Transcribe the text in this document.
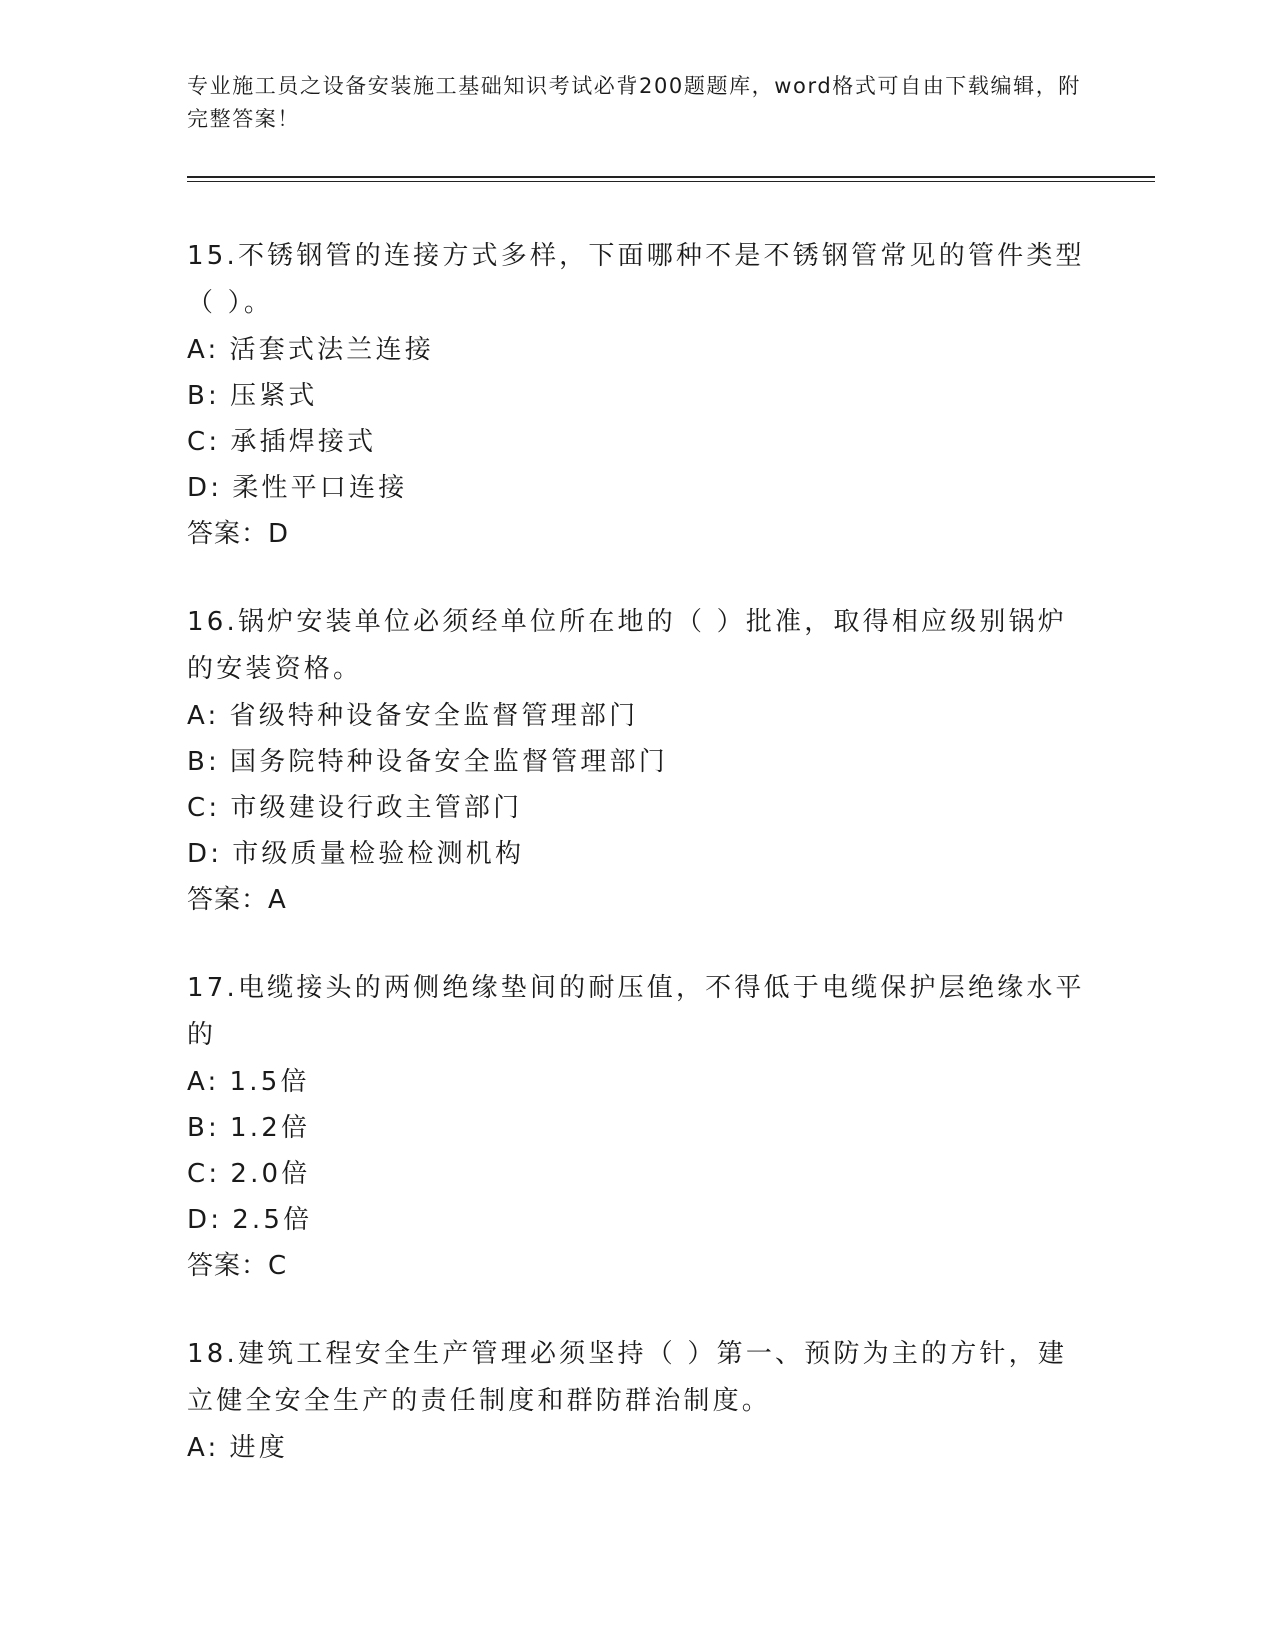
专业施工员之设备安装施工基础知识考试必背200题题库，word格式可自由下载编辑，附完整答案！

15.不锈钢管的连接方式多样，下面哪种不是不锈钢管常见的管件类型（ ）。

A: 活套式法兰连接

B: 压紧式

C: 承插焊接式

D: 柔性平口连接

答案：D

16.锅炉安装单位必须经单位所在地的（ ）批准，取得相应级别锅炉的安装资格。

A: 省级特种设备安全监督管理部门

B: 国务院特种设备安全监督管理部门

C: 市级建设行政主管部门

D: 市级质量检验检测机构

答案：A

17.电缆接头的两侧绝缘垫间的耐压值，不得低于电缆保护层绝缘水平的

A: 1.5倍

B: 1.2倍

C: 2.0倍

D: 2.5倍

答案：C

18.建筑工程安全生产管理必须坚持（ ）第一、预防为主的方针，建立健全安全生产的责任制度和群防群治制度。

A: 进度
